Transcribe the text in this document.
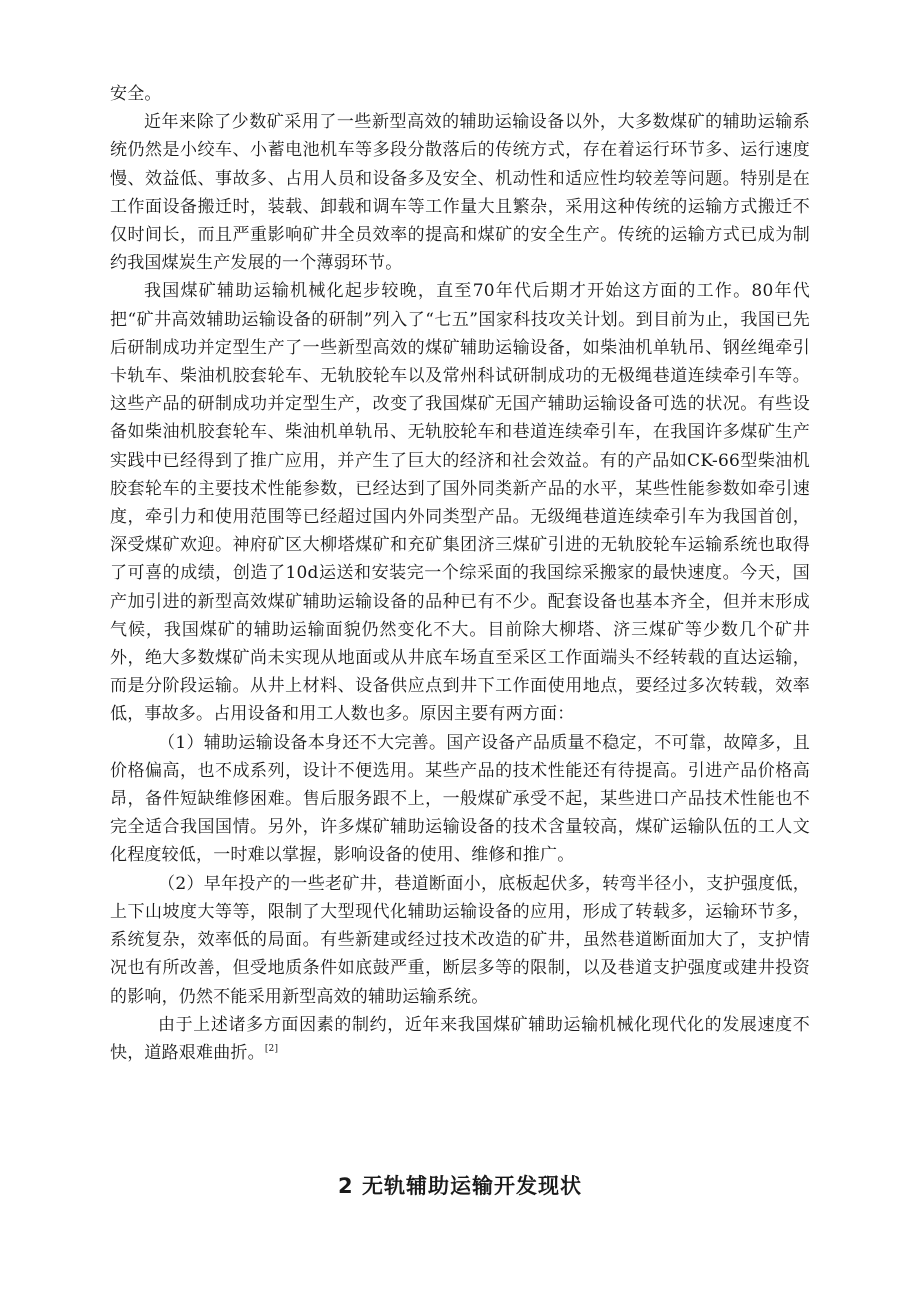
安全。

近年来除了少数矿采用了一些新型高效的辅助运输设备以外，大多数煤矿的辅助运输系统仍然是小绞车、小蓄电池机车等多段分散落后的传统方式，存在着运行环节多、运行速度慢、效益低、事故多、占用人员和设备多及安全、机动性和适应性均较差等问题。特别是在工作面设备搬迁时，装载、卸载和调车等工作量大且繁杂，采用这种传统的运输方式搬迁不仅时间长，而且严重影响矿井全员效率的提高和煤矿的安全生产。传统的运输方式已成为制约我国煤炭生产发展的一个薄弱环节。

我国煤矿辅助运输机械化起步较晚，直至70年代后期才开始这方面的工作。80年代把“矿井高效辅助运输设备的研制”列入了“七五”国家科技攻关计划。到目前为止，我国已先后研制成功并定型生产了一些新型高效的煤矿辅助运输设备，如柴油机单轨吊、钢丝绳牵引卡轨车、柴油机胶套轮车、无轨胶轮车以及常州科试研制成功的无极绳巷道连续牵引车等。这些产品的研制成功并定型生产，改变了我国煤矿无国产辅助运输设备可选的状况。有些设备如柴油机胶套轮车、柴油机单轨吊、无轨胶轮车和巷道连续牵引车，在我国许多煤矿生产实践中已经得到了推广应用，并产生了巨大的经济和社会效益。有的产品如CK-66型柴油机胶套轮车的主要技术性能参数，已经达到了国外同类新产品的水平，某些性能参数如牵引速度，牵引力和使用范围等已经超过国内外同类型产品。无级绳巷道连续牵引车为我国首创，深受煤矿欢迎。神府矿区大柳塔煤矿和充矿集团济三煤矿引进的无轨胶轮车运输系统也取得了可喜的成绩，创造了10d运送和安装完一个综采面的我国综采搬家的最快速度。今天，国产加引进的新型高效煤矿辅助运输设备的品种已有不少。配套设备也基本齐全，但并末形成气候，我国煤矿的辅助运输面貌仍然变化不大。目前除大柳塔、济三煤矿等少数几个矿井外，绝大多数煤矿尚未实现从地面或从井底车场直至采区工作面端头不经转载的直达运输，而是分阶段运输。从井上材料、设备供应点到井下工作面使用地点，要经过多次转载，效率低，事故多。占用设备和用工人数也多。原因主要有两方面：

（1）辅助运输设备本身还不大完善。国产设备产品质量不稳定，不可靠，故障多，且价格偏高，也不成系列，设计不便选用。某些产品的技术性能还有待提高。引进产品价格高昂，备件短缺维修困难。售后服务跟不上，一般煤矿承受不起，某些进口产品技术性能也不完全适合我国国情。另外，许多煤矿辅助运输设备的技术含量较高，煤矿运输队伍的工人文化程度较低，一时难以掌握，影响设备的使用、维修和推广。

（2）早年投产的一些老矿井，巷道断面小，底板起伏多，转弯半径小，支护强度低，上下山坡度大等等，限制了大型现代化辅助运输设备的应用，形成了转载多，运输环节多，系统复杂，效率低的局面。有些新建或经过技术改造的矿井，虽然巷道断面加大了，支护情况也有所改善，但受地质条件如底鼓严重，断层多等的限制，以及巷道支护强度或建井投资的影响，仍然不能采用新型高效的辅助运输系统。

由于上述诸多方面因素的制约，近年来我国煤矿辅助运输机械化现代化的发展速度不快，道路艰难曲折。[2]

2 无轨辅助运输开发现状
